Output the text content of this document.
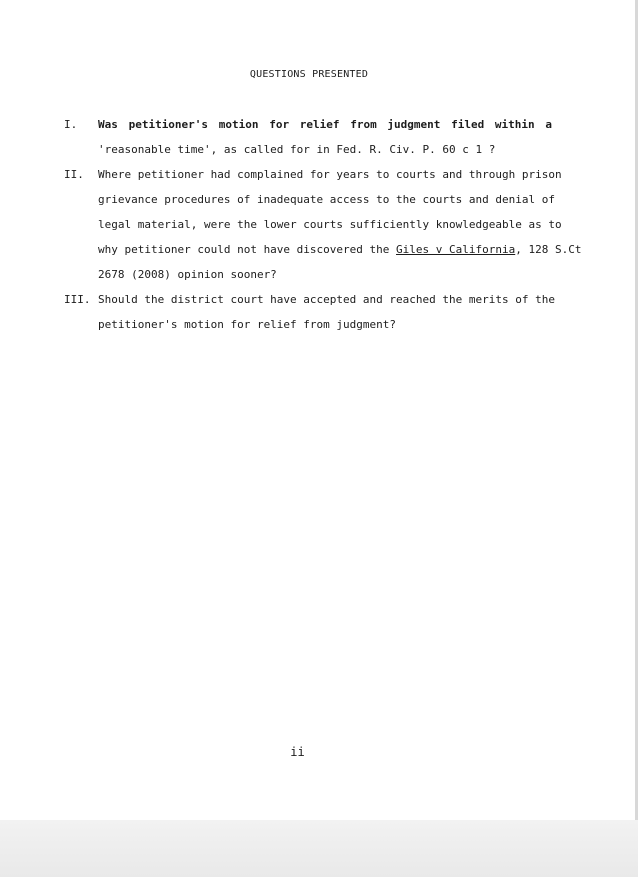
QUESTIONS PRESENTED
I. Was petitioner's motion for relief from judgment filed within a
'reasonable time', as called for in Fed. R. Civ. P. 60 c 1 ?
II. Where petitioner had complained for years to courts and through prison
grievance procedures of inadequate access to the courts and denial of
legal material, were the lower courts sufficiently knowledgeable as to
why petitioner could not have discovered the Giles v California, 128 S.Ct
2678 (2008) opinion sooner?
III. Should the district court have accepted and reached the merits of the
petitioner's motion for relief from judgment?
ii
